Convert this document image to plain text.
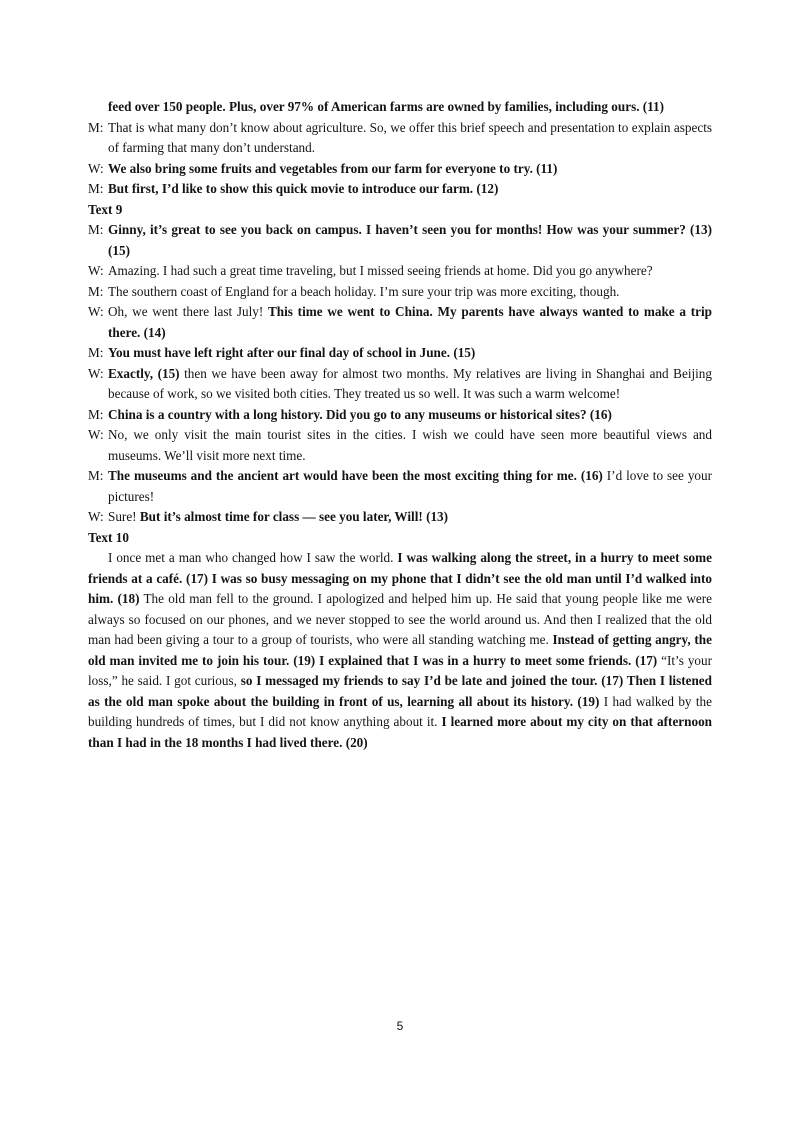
feed over 150 people. Plus, over 97% of American farms are owned by families, including ours. (11)
M: That is what many don’t know about agriculture. So, we offer this brief speech and presentation to explain aspects of farming that many don’t understand.
W: We also bring some fruits and vegetables from our farm for everyone to try. (11)
M: But first, I’d like to show this quick movie to introduce our farm. (12)
Text 9
M: Ginny, it’s great to see you back on campus. I haven’t seen you for months! How was your summer? (13) (15)
W: Amazing. I had such a great time traveling, but I missed seeing friends at home. Did you go anywhere?
M: The southern coast of England for a beach holiday. I’m sure your trip was more exciting, though.
W: Oh, we went there last July! This time we went to China. My parents have always wanted to make a trip there. (14)
M: You must have left right after our final day of school in June. (15)
W: Exactly, (15) then we have been away for almost two months. My relatives are living in Shanghai and Beijing because of work, so we visited both cities. They treated us so well. It was such a warm welcome!
M: China is a country with a long history. Did you go to any museums or historical sites? (16)
W: No, we only visit the main tourist sites in the cities. I wish we could have seen more beautiful views and museums. We’ll visit more next time.
M: The museums and the ancient art would have been the most exciting thing for me. (16) I’d love to see your pictures!
W: Sure! But it’s almost time for class — see you later, Will! (13)
Text 10
I once met a man who changed how I saw the world. I was walking along the street, in a hurry to meet some friends at a café. (17) I was so busy messaging on my phone that I didn’t see the old man until I’d walked into him. (18) The old man fell to the ground. I apologized and helped him up. He said that young people like me were always so focused on our phones, and we never stopped to see the world around us. And then I realized that the old man had been giving a tour to a group of tourists, who were all standing watching me. Instead of getting angry, the old man invited me to join his tour. (19) I explained that I was in a hurry to meet some friends. (17) “It’s your loss,” he said. I got curious, so I messaged my friends to say I’d be late and joined the tour. (17) Then I listened as the old man spoke about the building in front of us, learning all about its history. (19) I had walked by the building hundreds of times, but I did not know anything about it. I learned more about my city on that afternoon than I had in the 18 months I had lived there. (20)
5
